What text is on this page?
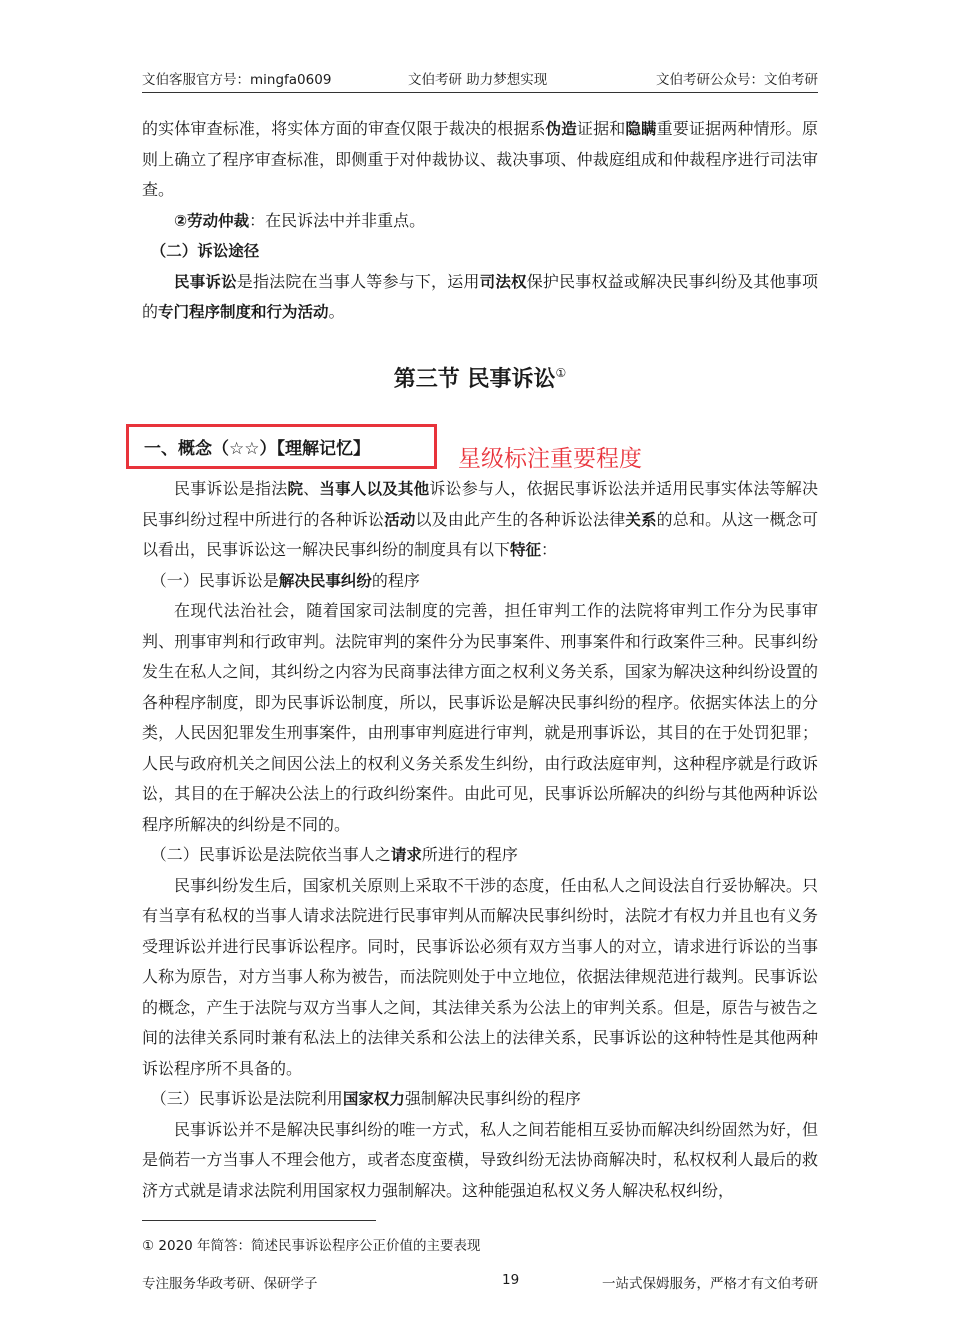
文伯客服官方号：mingfa0609	文伯考研 助力梦想实现	文伯考研公众号：文伯考研

的实体审查标准，将实体方面的审查仅限于裁决的根据系伪造证据和隐瞒重要证据两种情形。原则上确立了程序审查标准，即侧重于对仲裁协议、裁决事项、仲裁庭组成和仲裁程序进行司法审查。

②劳动仲裁：在民诉法中并非重点。

（二）诉讼途径

民事诉讼是指法院在当事人等参与下，运用司法权保护民事权益或解决民事纠纷及其他事项的专门程序制度和行为活动。

第三节 民事诉讼①
一、概念（☆☆）【理解记忆】	星级标注重要程度

民事诉讼是指法院、当事人以及其他诉讼参与人，依据民事诉讼法并适用民事实体法等解决民事纠纷过程中所进行的各种诉讼活动以及由此产生的各种诉讼法律关系的总和。从这一概念可以看出，民事诉讼这一解决民事纠纷的制度具有以下特征：

（一）民事诉讼是解决民事纠纷的程序

在现代法治社会，随着国家司法制度的完善，担任审判工作的法院将审判工作分为民事审判、刑事审判和行政审判。法院审判的案件分为民事案件、刑事案件和行政案件三种。民事纠纷发生在私人之间，其纠纷之内容为民商事法律方面之权利义务关系，国家为解决这种纠纷设置的各种程序制度，即为民事诉讼制度，所以，民事诉讼是解决民事纠纷的程序。依据实体法上的分类，人民因犯罪发生刑事案件，由刑事审判庭进行审判，就是刑事诉讼，其目的在于处罚犯罪；人民与政府机关之间因公法上的权利义务关系发生纠纷，由行政法庭审判，这种程序就是行政诉讼，其目的在于解决公法上的行政纠纷案件。由此可见，民事诉讼所解决的纠纷与其他两种诉讼程序所解决的纠纷是不同的。

（二）民事诉讼是法院依当事人之请求所进行的程序

民事纠纷发生后，国家机关原则上采取不干涉的态度，任由私人之间设法自行妥协解决。只有当享有私权的当事人请求法院进行民事审判从而解决民事纠纷时，法院才有权力并且也有义务受理诉讼并进行民事诉讼程序。同时，民事诉讼必须有双方当事人的对立，请求进行诉讼的当事人称为原告，对方当事人称为被告，而法院则处于中立地位，依据法律规范进行裁判。民事诉讼的概念，产生于法院与双方当事人之间，其法律关系为公法上的审判关系。但是，原告与被告之间的法律关系同时兼有私法上的法律关系和公法上的法律关系，民事诉讼的这种特性是其他两种诉讼程序所不具备的。

（三）民事诉讼是法院利用国家权力强制解决民事纠纷的程序

民事诉讼并不是解决民事纠纷的唯一方式，私人之间若能相互妥协而解决纠纷固然为好，但是倘若一方当事人不理会他方，或者态度蛮横，导致纠纷无法协商解决时，私权权利人最后的救济方式就是请求法院利用国家权力强制解决。这种能强迫私权义务人解决私权纠纷，

① 2020 年简答：简述民事诉讼程序公正价值的主要表现
专注服务华政考研、保研学子	19	一站式保姆服务，严格才有文伯考研
